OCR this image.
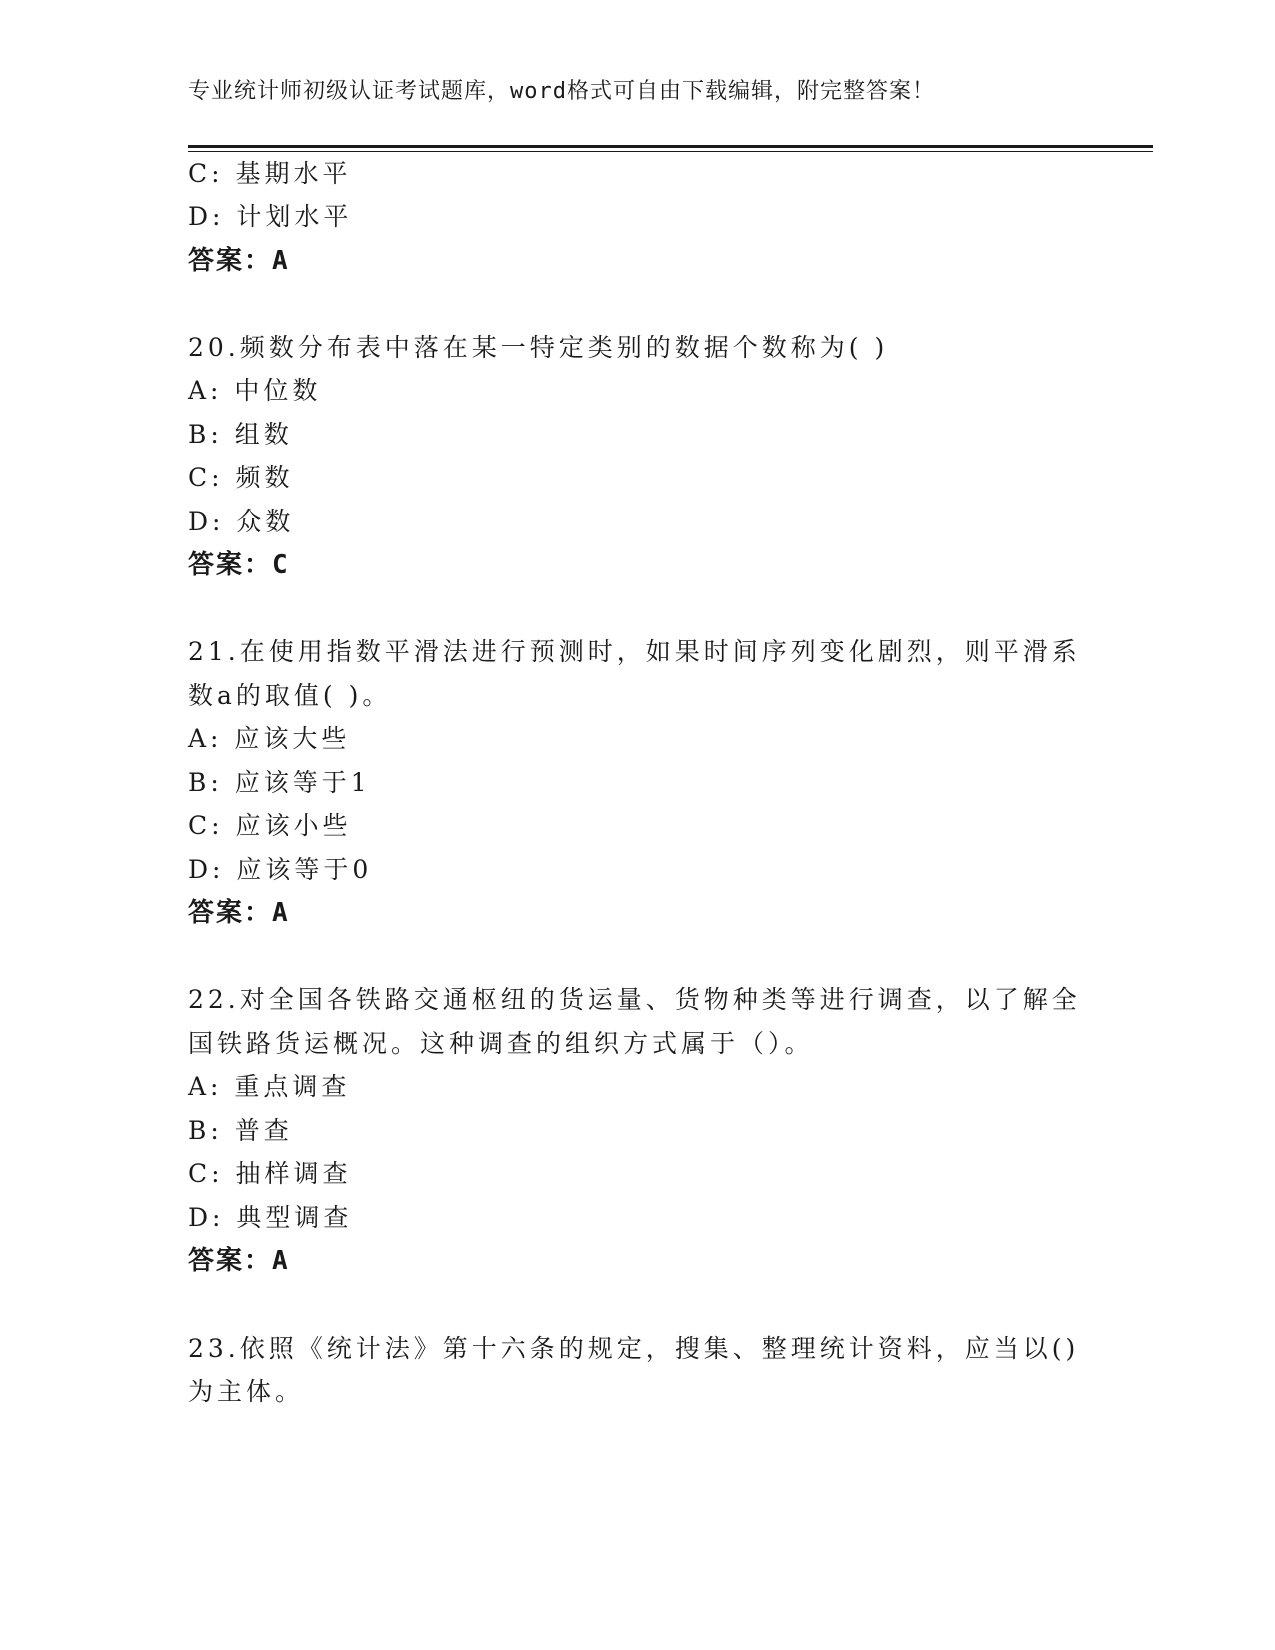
专业统计师初级认证考试题库，word格式可自由下载编辑，附完整答案！
C: 基期水平
D: 计划水平
答案：A
20.频数分布表中落在某一特定类别的数据个数称为( )
A: 中位数
B: 组数
C: 频数
D: 众数
答案：C
21.在使用指数平滑法进行预测时，如果时间序列变化剧烈，则平滑系
数a的取值( )。
A: 应该大些
B: 应该等于1
C: 应该小些
D: 应该等于0
答案：A
22.对全国各铁路交通枢纽的货运量、货物种类等进行调查，以了解全
国铁路货运概况。这种调查的组织方式属于（）。
A: 重点调查
B: 普查
C: 抽样调查
D: 典型调查
答案：A
23.依照《统计法》第十六条的规定，搜集、整理统计资料，应当以()
为主体。
